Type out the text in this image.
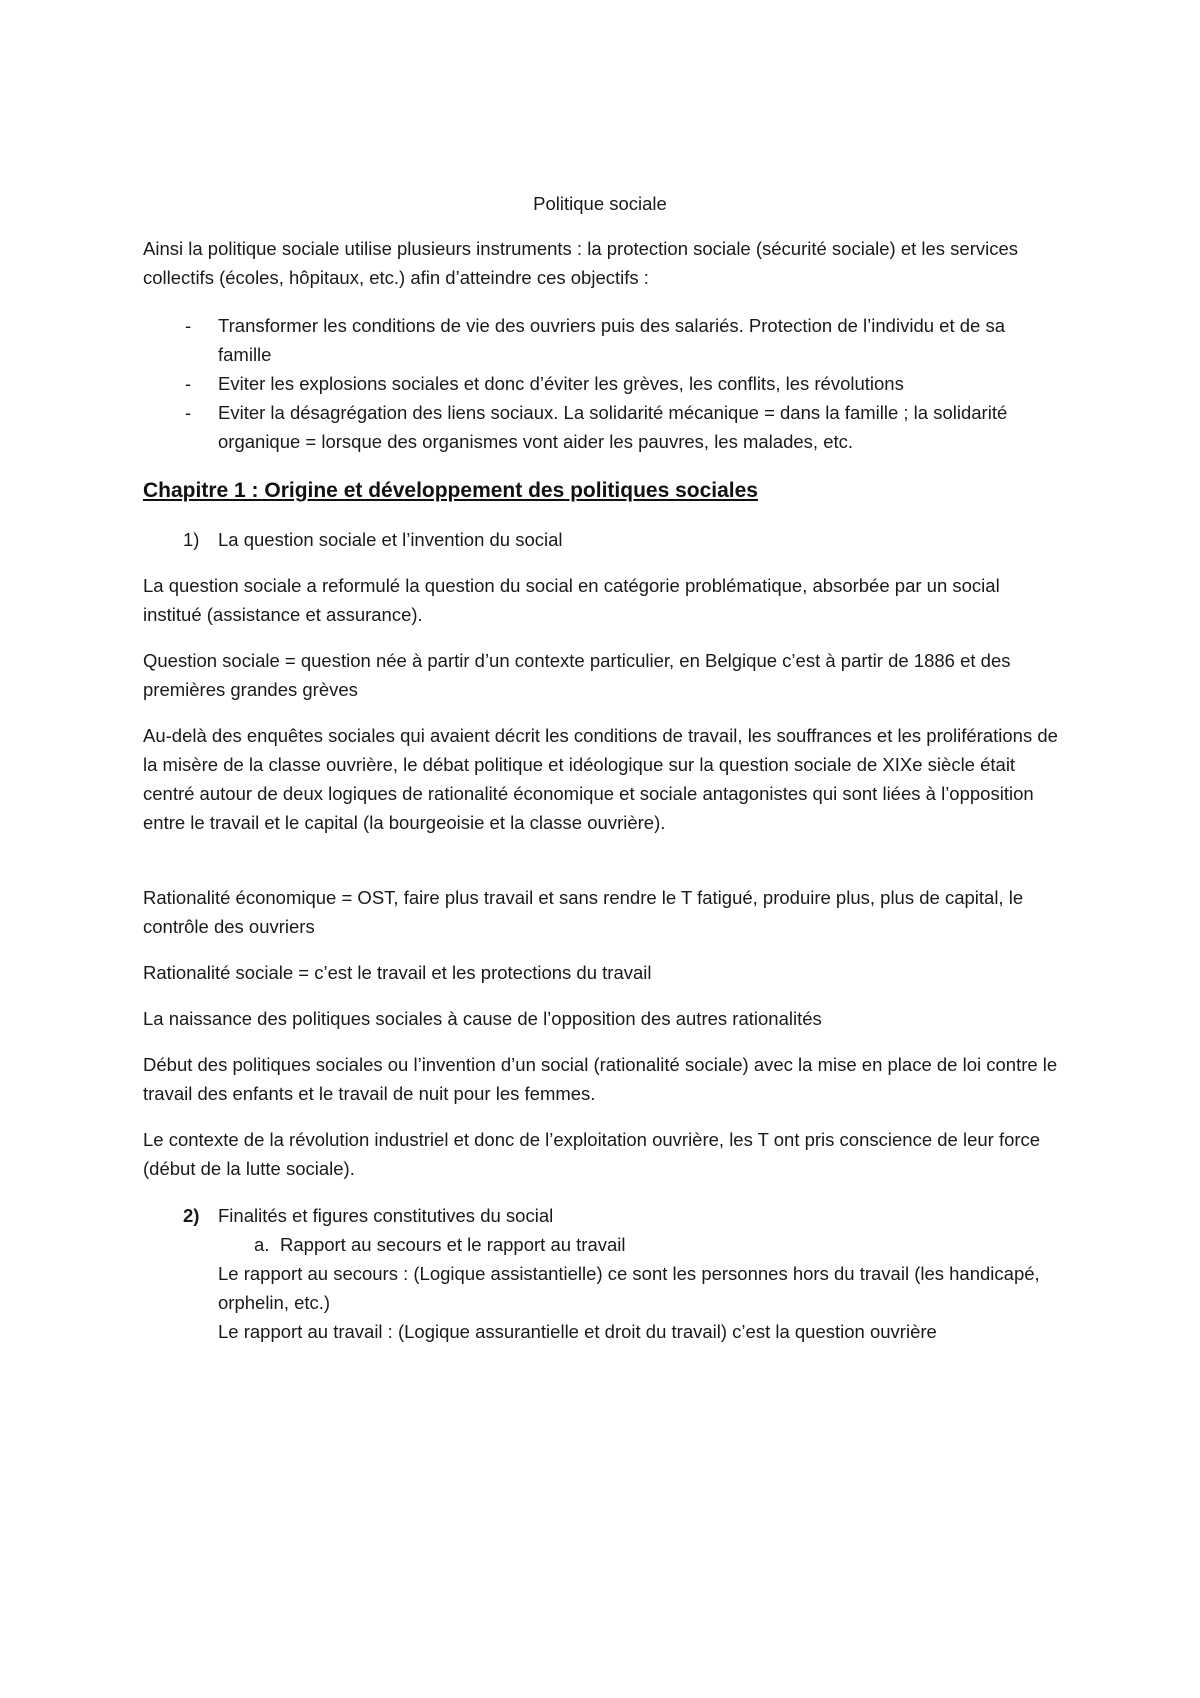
Politique sociale

Ainsi la politique sociale utilise plusieurs instruments : la protection sociale (sécurité sociale) et les services collectifs (écoles, hôpitaux, etc.) afin d’atteindre ces objectifs :

- Transformer les conditions de vie des ouvriers puis des salariés. Protection de l’individu et de sa famille
- Eviter les explosions sociales et donc d’éviter les grèves, les conflits, les révolutions
- Eviter la désagrégation des liens sociaux. La solidarité mécanique = dans la famille ; la solidarité organique = lorsque des organismes vont aider les pauvres, les malades, etc.
Chapitre 1 : Origine et développement des politiques sociales
1) La question sociale et l’invention du social

La question sociale a reformulé la question du social en catégorie problématique, absorbée par un social institué (assistance et assurance).

Question sociale = question née à partir d’un contexte particulier, en Belgique c’est à partir de 1886 et des premières grandes grèves

Au-delà des enquêtes sociales qui avaient décrit les conditions de travail, les souffrances et les proliférations de la misère de la classe ouvrière, le débat politique et idéologique sur la question sociale de XIXe siècle était centré autour de deux logiques de rationalité économique et sociale antagonistes qui sont liées à l’opposition entre le travail et le capital (la bourgeoisie et la classe ouvrière).

Rationalité économique = OST, faire plus travail et sans rendre le T fatigué, produire plus, plus de capital, le contrôle des ouvriers

Rationalité sociale = c’est le travail et les protections du travail

La naissance des politiques sociales à cause de l’opposition des autres rationalités

Début des politiques sociales ou l’invention d’un social (rationalité sociale) avec la mise en place de loi contre le travail des enfants et le travail de nuit pour les femmes.

Le contexte de la révolution industriel et donc de l’exploitation ouvrière, les T ont pris conscience de leur force (début de la lutte sociale).

2) Finalités et figures constitutives du social
a. Rapport au secours et le rapport au travail

Le rapport au secours : (Logique assistantielle) ce sont les personnes hors du travail (les handicapé, orphelin, etc.)

Le rapport au travail : (Logique assurantielle et droit du travail) c’est la question ouvrière
